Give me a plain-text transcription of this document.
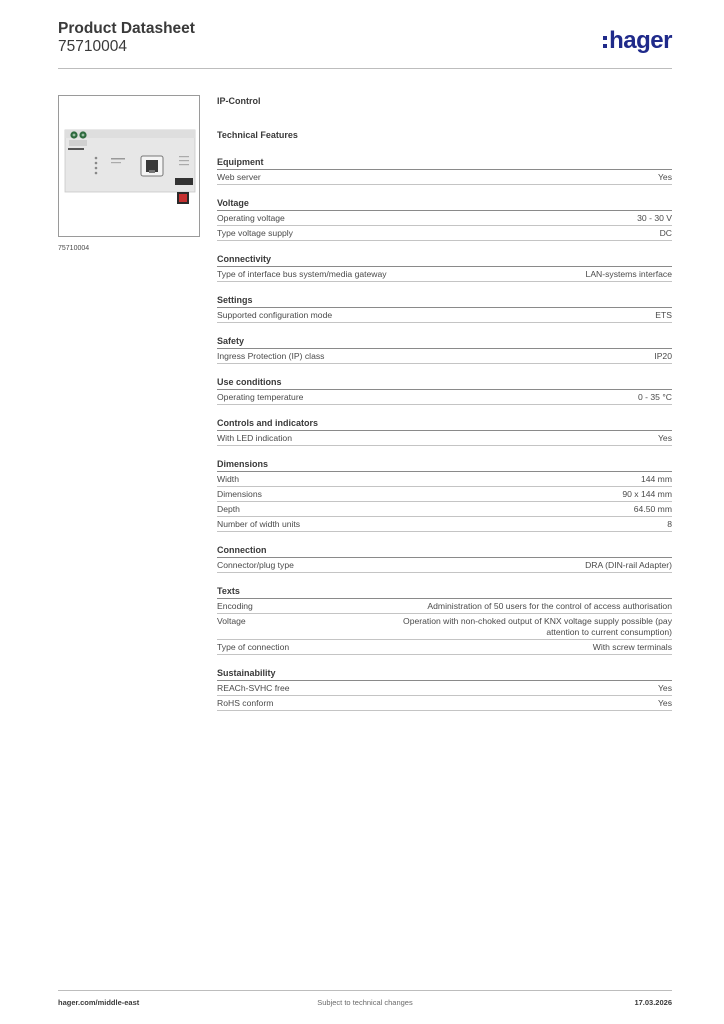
Product Datasheet
75710004	hager
75710004
IP-Control
Technical Features
Equipment
Web server	Yes
Voltage
Operating voltage	30 - 30 V
Type voltage supply	DC
Connectivity
Type of interface bus system/media gateway	LAN-systems interface
Settings
Supported configuration mode	ETS
Safety
Ingress Protection (IP) class	IP20
Use conditions
Operating temperature	0 - 35 °C
Controls and indicators
With LED indication	Yes
Dimensions
Width	144 mm
Dimensions	90 x 144 mm
Depth	64.50 mm
Number of width units	8
Connection
Connector/plug type	DRA (DIN-rail Adapter)
Texts
Encoding	Administration of 50 users for the control of access authorisation
Voltage	Operation with non-choked output of KNX voltage supply possible (pay attention to current consumption)
Type of connection	With screw terminals
Sustainability
REACh-SVHC free	Yes
RoHS conform	Yes
hager.com/middle-east	Subject to technical changes	17.03.2026
